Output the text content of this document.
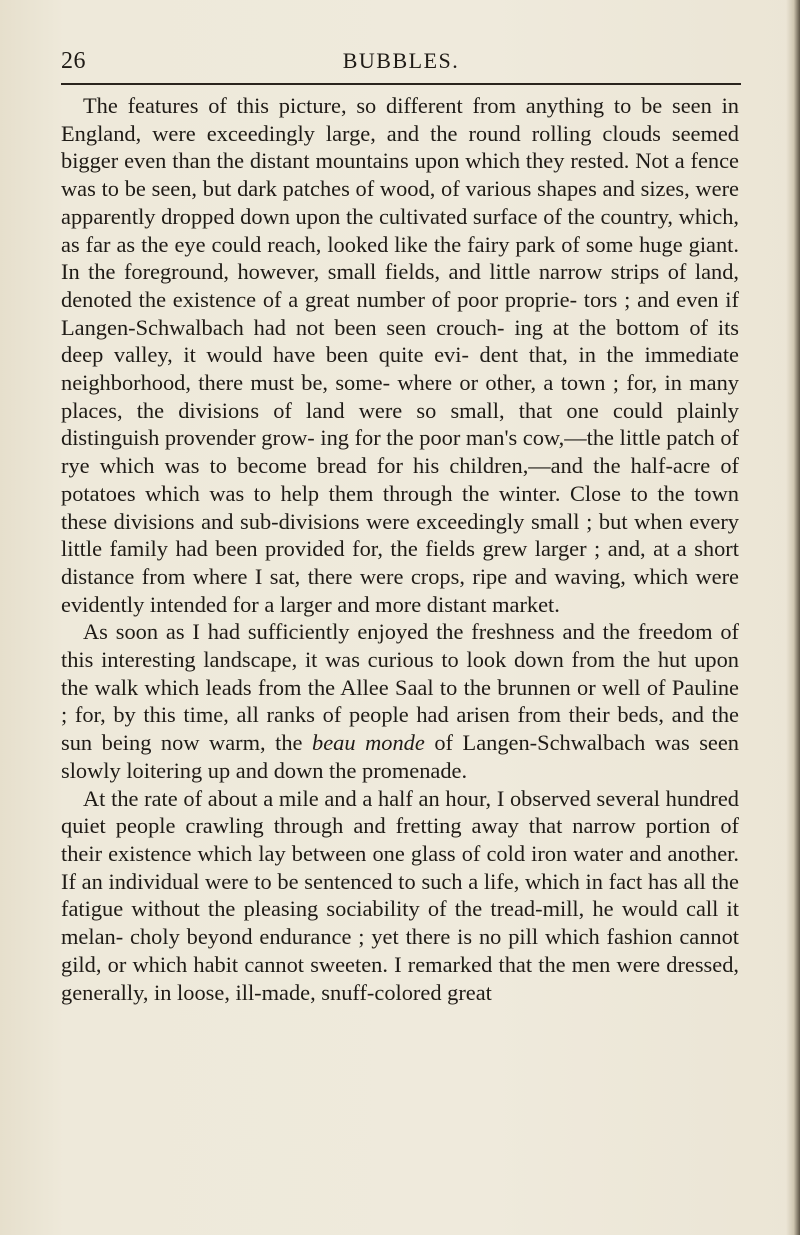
26	BUBBLES.

The features of this picture, so different from anything to be seen in England, were exceedingly large, and the round rolling clouds seemed bigger even than the distant mountains upon which they rested. Not a fence was to be seen, but dark patches of wood, of various shapes and sizes, were apparently dropped down upon the cultivated surface of the country, which, as far as the eye could reach, looked like the fairy park of some huge giant. In the foreground, however, small fields, and little narrow strips of land, denoted the existence of a great number of poor proprie- tors ; and even if Langen-Schwalbach had not been seen crouch- ing at the bottom of its deep valley, it would have been quite evi- dent that, in the immediate neighborhood, there must be, some- where or other, a town ; for, in many places, the divisions of land were so small, that one could plainly distinguish provender grow- ing for the poor man's cow,—the little patch of rye which was to become bread for his children,—and the half-acre of potatoes which was to help them through the winter. Close to the town these divisions and sub-divisions were exceedingly small ; but when every little family had been provided for, the fields grew larger ; and, at a short distance from where I sat, there were crops, ripe and waving, which were evidently intended for a larger and more distant market.

As soon as I had sufficiently enjoyed the freshness and the freedom of this interesting landscape, it was curious to look down from the hut upon the walk which leads from the Allee Saal to the brunnen or well of Pauline ; for, by this time, all ranks of people had arisen from their beds, and the sun being now warm, the beau monde of Langen-Schwalbach was seen slowly loitering up and down the promenade.

At the rate of about a mile and a half an hour, I observed several hundred quiet people crawling through and fretting away that narrow portion of their existence which lay between one glass of cold iron water and another. If an individual were to be sentenced to such a life, which in fact has all the fatigue without the pleasing sociability of the tread-mill, he would call it melan- choly beyond endurance ; yet there is no pill which fashion cannot gild, or which habit cannot sweeten. I remarked that the men were dressed, generally, in loose, ill-made, snuff-colored great
